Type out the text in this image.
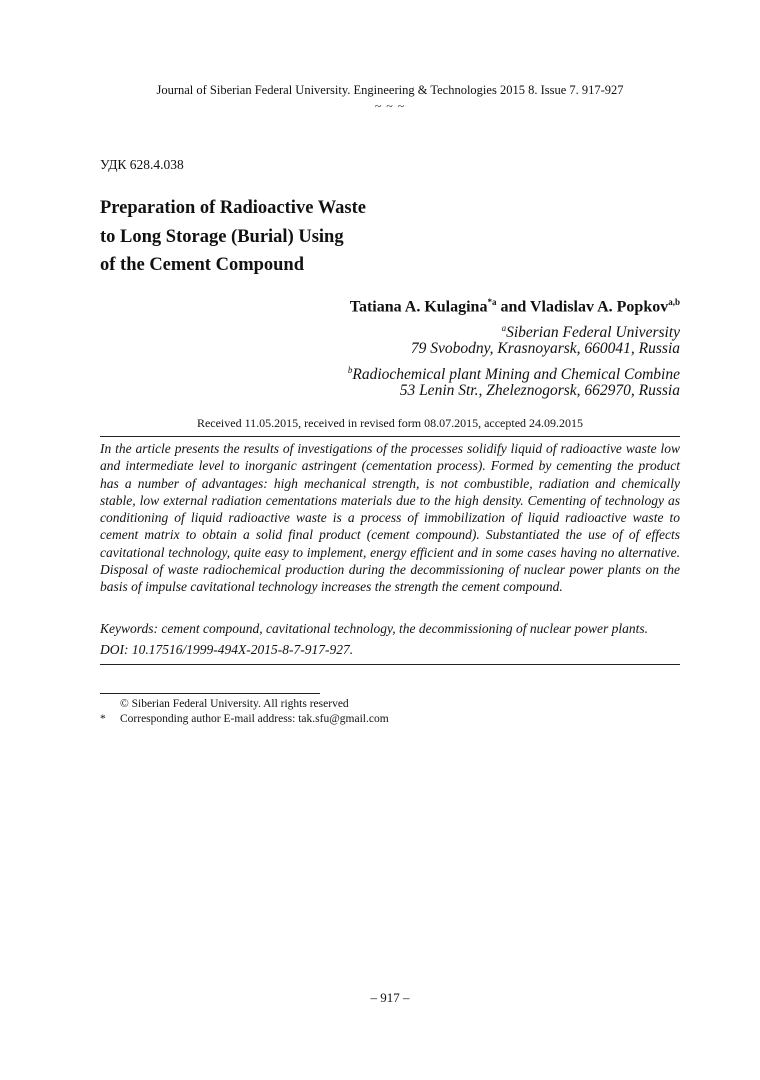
Journal of Siberian Federal University. Engineering & Technologies 2015 8. Issue 7. 917-927
~ ~ ~
УДК 628.4.038
Preparation of Radioactive Waste
to Long Storage (Burial) Using
of the Cement Compound
Tatiana A. Kulagina$^{*a}$ and Vladislav A. Popkov$^{a,b}$
$^a$Siberian Federal University
79 Svobodny, Krasnoyarsk, 660041, Russia
$^b$Radiochemical plant Mining and Chemical Combine
53 Lenin Str., Zheleznogorsk, 662970, Russia
Received 11.05.2015, received in revised form 08.07.2015, accepted 24.09.2015
In the article presents the results of investigations of the processes solidify liquid of radioactive waste low and intermediate level to inorganic astringent (cementation process). Formed by cementing the product has a number of advantages: high mechanical strength, is not combustible, radiation and chemically stable, low external radiation cementations materials due to the high density. Cementing of technology as conditioning of liquid radioactive waste is a process of immobilization of liquid radioactive waste to cement matrix to obtain a solid final product (cement compound). Substantiated the use of of effects cavitational technology, quite easy to implement, energy efficient and in some cases having no alternative. Disposal of waste radiochemical production during the decommissioning of nuclear power plants on the basis of impulse cavitational technology increases the strength the cement compound.
Keywords: cement compound, cavitational technology, the decommissioning of nuclear power plants.
DOI: 10.17516/1999-494X-2015-8-7-917-927.
© Siberian Federal University. All rights reserved
* Corresponding author E-mail address: tak.sfu@gmail.com
– 917 –
